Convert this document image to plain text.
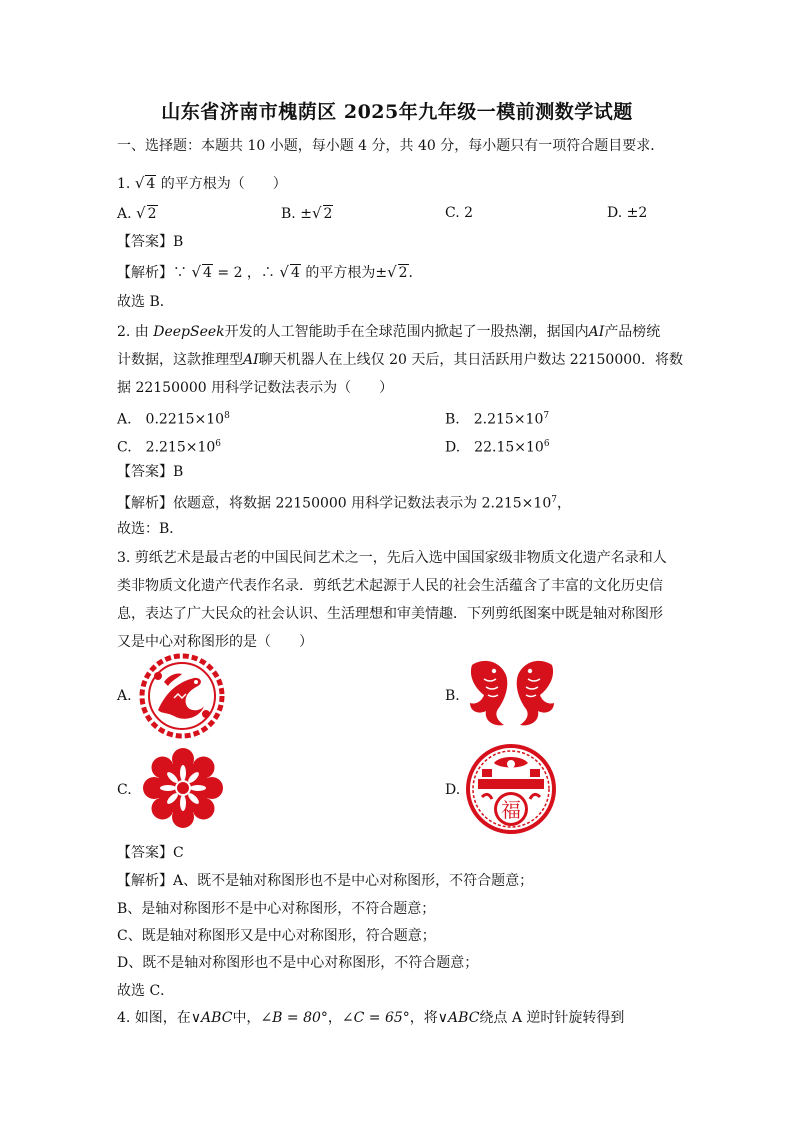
山东省济南市槐荫区 2025年九年级一模前测数学试题
一、选择题：本题共 10 小题，每小题 4 分，共 40 分，每小题只有一项符合题目要求．
1. √ 4 的平方根为（　　）
A. √ 2	B. ±√ 2	C. 2	D. ±2
【答案】B
【解析】∵ √ 4 = 2 ，∴ √ 4 的平方根为±√ 2．
故选 B．
2. 由 DeepSeek开发的人工智能助手在全球范围内掀起了一股热潮，据国内AI产品榜统
计数据，这款推理型AI聊天机器人在上线仅 20 天后，其日活跃用户数达 22150000．将数
据 22150000 用科学记数法表示为（　　）
A.　$0.2215\times 10^8$	B.　$2.215\times 10^7$
C.　$2.215\times 10^6$	D.　$22.15\times 10^6$
【答案】B
【解析】依题意，将数据 22150000 用科学记数法表示为 $2.215\times 10^7$，
故选：B．
3. 剪纸艺术是最古老的中国民间艺术之一，先后入选中国国家级非物质文化遗产名录和人
类非物质文化遗产代表作名录．剪纸艺术起源于人民的社会生活蕴含了丰富的文化历史信
息，表达了广大民众的社会认识、生活理想和审美情趣．下列剪纸图案中既是轴对称图形
又是中心对称图形的是（　　）
A.	B.
C.	D.
福
【答案】C
【解析】A、既不是轴对称图形也不是中心对称图形，不符合题意；
B、是轴对称图形不是中心对称图形，不符合题意；
C、既是轴对称图形又是中心对称图形，符合题意；
D、既不是轴对称图形也不是中心对称图形，不符合题意；
故选 C．
4. 如图，在∨ABC中，∠B = 80°，∠C = 65°，将∨ABC绕点 A 逆时针旋转得到
